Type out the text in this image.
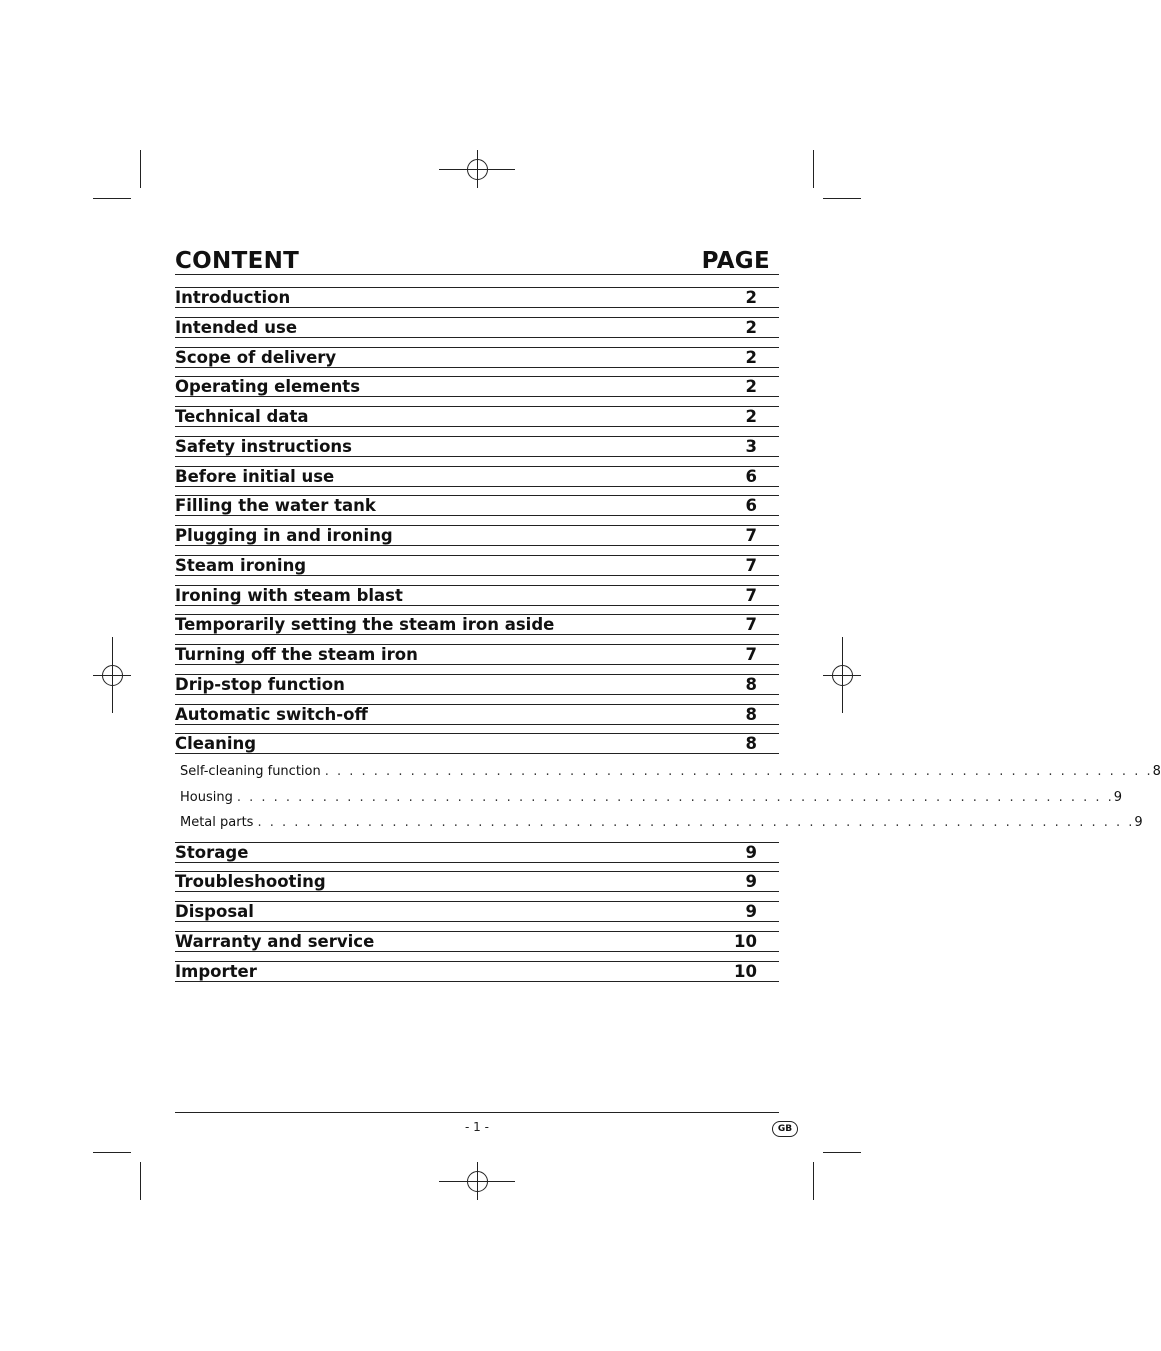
CONTENT	PAGE
Introduction	2
Intended use	2
Scope of delivery	2
Operating elements	2
Technical data	2
Safety instructions	3
Before initial use	6
Filling the water tank	6
Plugging in and ironing	7
Steam ironing	7
Ironing with steam blast	7
Temporarily setting the steam iron aside	7
Turning off the steam iron	7
Drip-stop function	8
Automatic switch-off	8
Cleaning	8
Self-cleaning function . . . . . . . . . . . . . . . . . . . . . . . . . . . . . . . . . . . . . . . . . . . . . . . . . . . . . . . . . . . . . . . . . . . . 8
Housing . . . . . . . . . . . . . . . . . . . . . . . . . . . . . . . . . . . . . . . . . . . . . . . . . . . . . . . . . . . . . . . . . . . . . . . . 9
Metal parts . . . . . . . . . . . . . . . . . . . . . . . . . . . . . . . . . . . . . . . . . . . . . . . . . . . . . . . . . . . . . . . . . . . . . . . . 9
Storage	9
Troubleshooting	9
Disposal	9
Warranty and service	10
Importer	10
- 1 -	GB
